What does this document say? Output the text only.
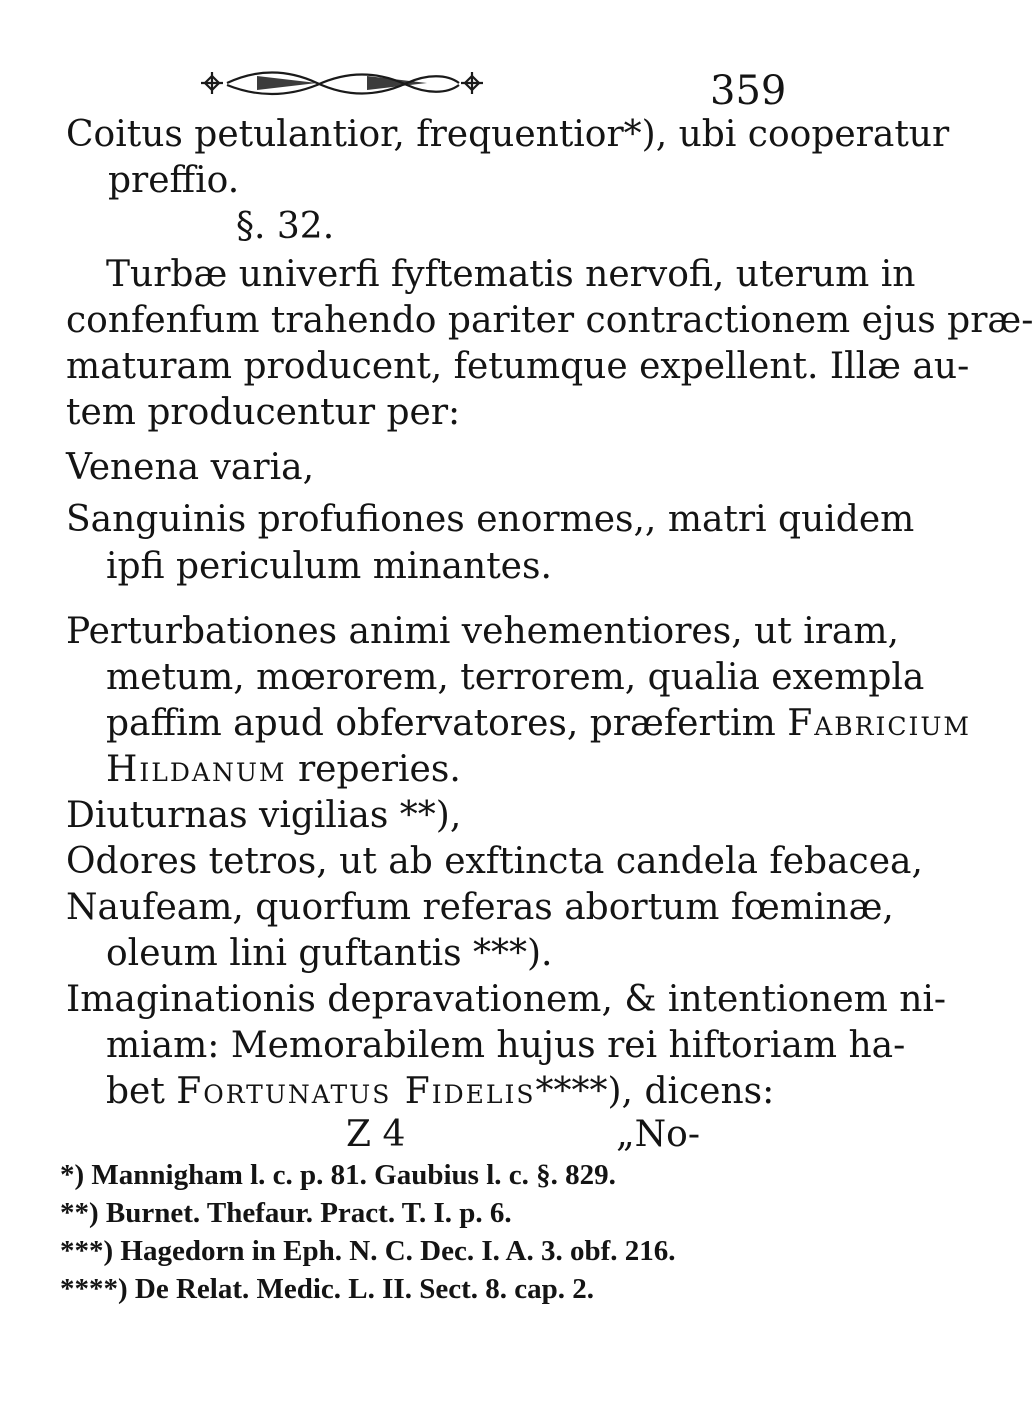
359
Coitus petulantior, frequentior*), ubi cooperatur
preffio.
§. 32.
Turbæ univerfi fyftematis nervofi, uterum in
confenfum trahendo pariter contractionem ejus præ-
maturam producent, fetumque expellent. Illæ au-
tem producentur per:
Venena varia,
Sanguinis profufiones enormes,, matri quidem
ipfi periculum minantes.
Perturbationes animi vehementiores, ut iram,
metum, mœrorem, terrorem, qualia exempla
paffim apud obfervatores, præfertim Fabricium
Hildanum reperies.
Diuturnas vigilias **),
Odores tetros, ut ab exftincta candela febacea,
Naufeam, quorfum referas abortum fœminæ,
oleum lini guftantis ***).
Imaginationis depravationem, & intentionem ni-
miam: Memorabilem hujus rei hiftoriam ha-
bet Fortunatus Fidelis****), dicens:
Z 4	„No-
*) Mannigham l. c. p. 81. Gaubius l. c. §. 829.
**) Burnet. Thefaur. Pract. T. I. p. 6.
***) Hagedorn in Eph. N. C. Dec. I. A. 3. obf. 216.
****) De Relat. Medic. L. II. Sect. 8. cap. 2.
